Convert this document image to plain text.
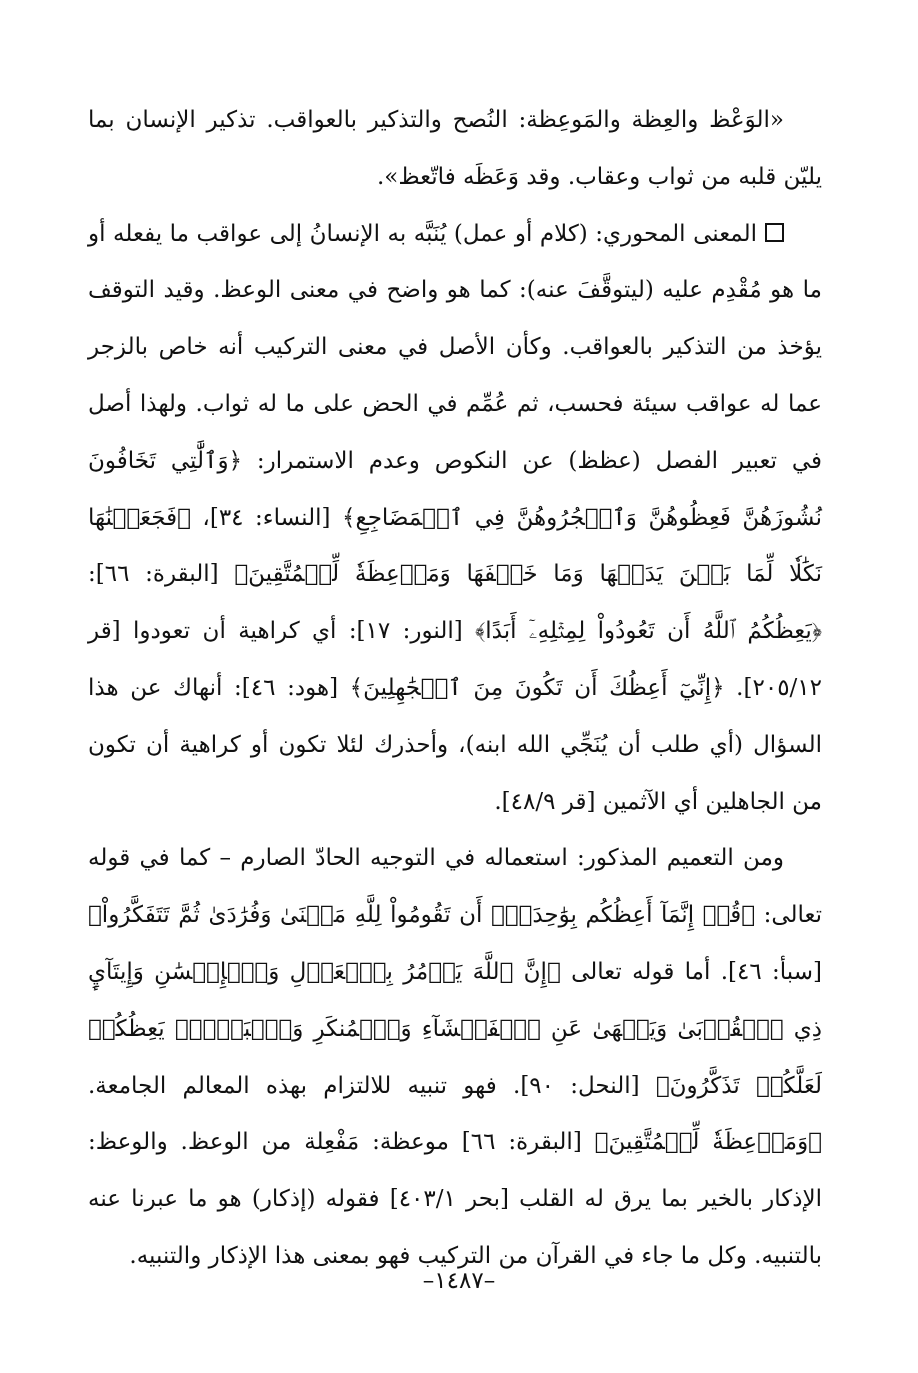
«الوَعْظ والعِظة والمَوعِظة: النُصح والتذكير بالعواقب. تذكير الإنسان بما يليّن قلبه من ثواب وعقاب. وقد وَعَظَه فاتّعظ».

المعنى المحوري: (كلام أو عمل) يُنَبَّه به الإنسانُ إلى عواقب ما يفعله أو ما هو مُقْدِم عليه (ليتوقَّفَ عنه): كما هو واضح في معنى الوعظ. وقيد التوقف يؤخذ من التذكير بالعواقب. وكأن الأصل في معنى التركيب أنه خاص بالزجر عما له عواقب سيئة فحسب، ثم عُمِّم في الحض على ما له ثواب. ولهذا أصل في تعبير الفصل (عظظ) عن النكوص وعدم الاستمرار: ﴿وَٱلَّٰتِي تَخَافُونَ نُشُوزَهُنَّ فَعِظُوهُنَّ وَٱهۡجُرُوهُنَّ فِي ٱلۡمَضَاجِعِ﴾ [النساء: ٣٤]، ﴿فَجَعَلۡنَٰهَا نَكَٰلٗا لِّمَا بَيۡنَ يَدَيۡهَا وَمَا خَلۡفَهَا وَمَوۡعِظَةٗ لِّلۡمُتَّقِينَ﴾ [البقرة: ٦٦]: ﴿يَعِظُكُمُ ٱللَّهُ أَن تَعُودُواْ لِمِثۡلِهِۦٓ أَبَدًا﴾ [النور: ١٧]: أي كراهية أن تعودوا [قر ٢٠٥/١٢]. ﴿إِنِّيٓ أَعِظُكَ أَن تَكُونَ مِنَ ٱلۡجَٰهِلِينَ﴾ [هود: ٤٦]: أنهاك عن هذا السؤال (أي طلب أن يُنَجِّي الله ابنه)، وأحذرك لئلا تكون أو كراهية أن تكون من الجاهلين أي الآثمين [قر ٤٨/٩].

ومن التعميم المذكور: استعماله في التوجيه الحادّ الصارم – كما في قوله تعالى: ﴿قُلۡ إِنَّمَآ أَعِظُكُم بِوَٰحِدَةٍۖ أَن تَقُومُواْ لِلَّهِ مَثۡنَىٰ وَفُرَٰدَىٰ ثُمَّ تَتَفَكَّرُواْ﴾ [سبأ: ٤٦]. أما قوله تعالى ﴿إِنَّ ٱللَّهَ يَأۡمُرُ بِٱلۡعَدۡلِ وَٱلۡإِحۡسَٰنِ وَإِيتَآيِٕ ذِي ٱلۡقُرۡبَىٰ وَيَنۡهَىٰ عَنِ ٱلۡفَحۡشَآءِ وَٱلۡمُنكَرِ وَٱلۡبَغۡيِۚ يَعِظُكُمۡ لَعَلَّكُمۡ تَذَكَّرُونَ﴾ [النحل: ٩٠]. فهو تنبيه للالتزام بهذه المعالم الجامعة. ﴿وَمَوۡعِظَةٗ لِّلۡمُتَّقِينَ﴾ [البقرة: ٦٦] موعظة: مَفْعِلة من الوعظ. والوعظ: الإذكار بالخير بما يرق له القلب [بحر ٤٠٣/١] فقوله (إذكار) هو ما عبرنا عنه بالتنبيه. وكل ما جاء في القرآن من التركيب فهو بمعنى هذا الإذكار والتنبيه.

–١٤٨٧–
